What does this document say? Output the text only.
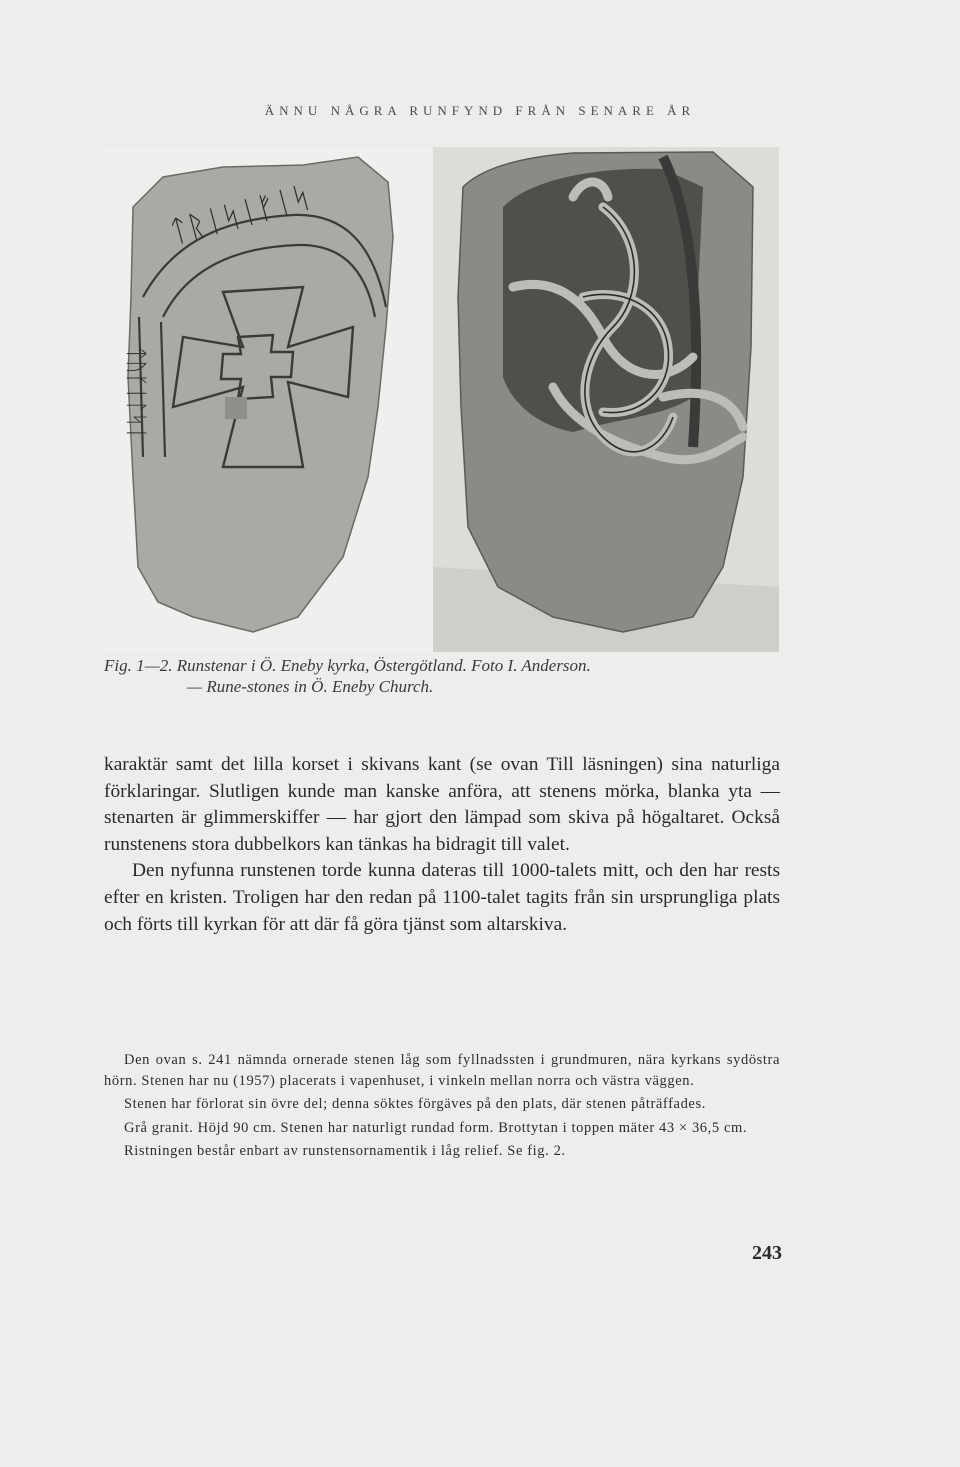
ÄNNU NÅGRA RUNFYND FRÅN SENARE ÅR
ᛏᚱᛁᛋᛁᚠᛁᛋ
ᛏᚢᚴᛁᛚᛋᛁ
Fig. 1—2. Runstenar i Ö. Eneby kyrka, Östergötland. Foto I. Anderson.
— Rune-stones in Ö. Eneby Church.

karaktär samt det lilla korset i skivans kant (se ovan Till läsningen) sina naturliga förklaringar. Slutligen kunde man kanske anföra, att stenens mörka, blanka yta — stenarten är glimmerskiffer — har gjort den lämpad som skiva på högaltaret. Också runstenens stora dubbelkors kan tänkas ha bidragit till valet.

Den nyfunna runstenen torde kunna dateras till 1000-talets mitt, och den har rests efter en kristen. Troligen har den redan på 1100-talet tagits från sin ursprungliga plats och förts till kyrkan för att där få göra tjänst som altarskiva.

Den ovan s. 241 nämnda ornerade stenen låg som fyllnadssten i grundmuren, nära kyrkans sydöstra hörn. Stenen har nu (1957) placerats i vapenhuset, i vinkeln mellan norra och västra väggen.

Stenen har förlorat sin övre del; denna söktes förgäves på den plats, där stenen påträffades.

Grå granit. Höjd 90 cm. Stenen har naturligt rundad form. Brottytan i toppen mäter 43 × 36,5 cm.

Ristningen består enbart av runstensornamentik i låg relief. Se fig. 2.

243
